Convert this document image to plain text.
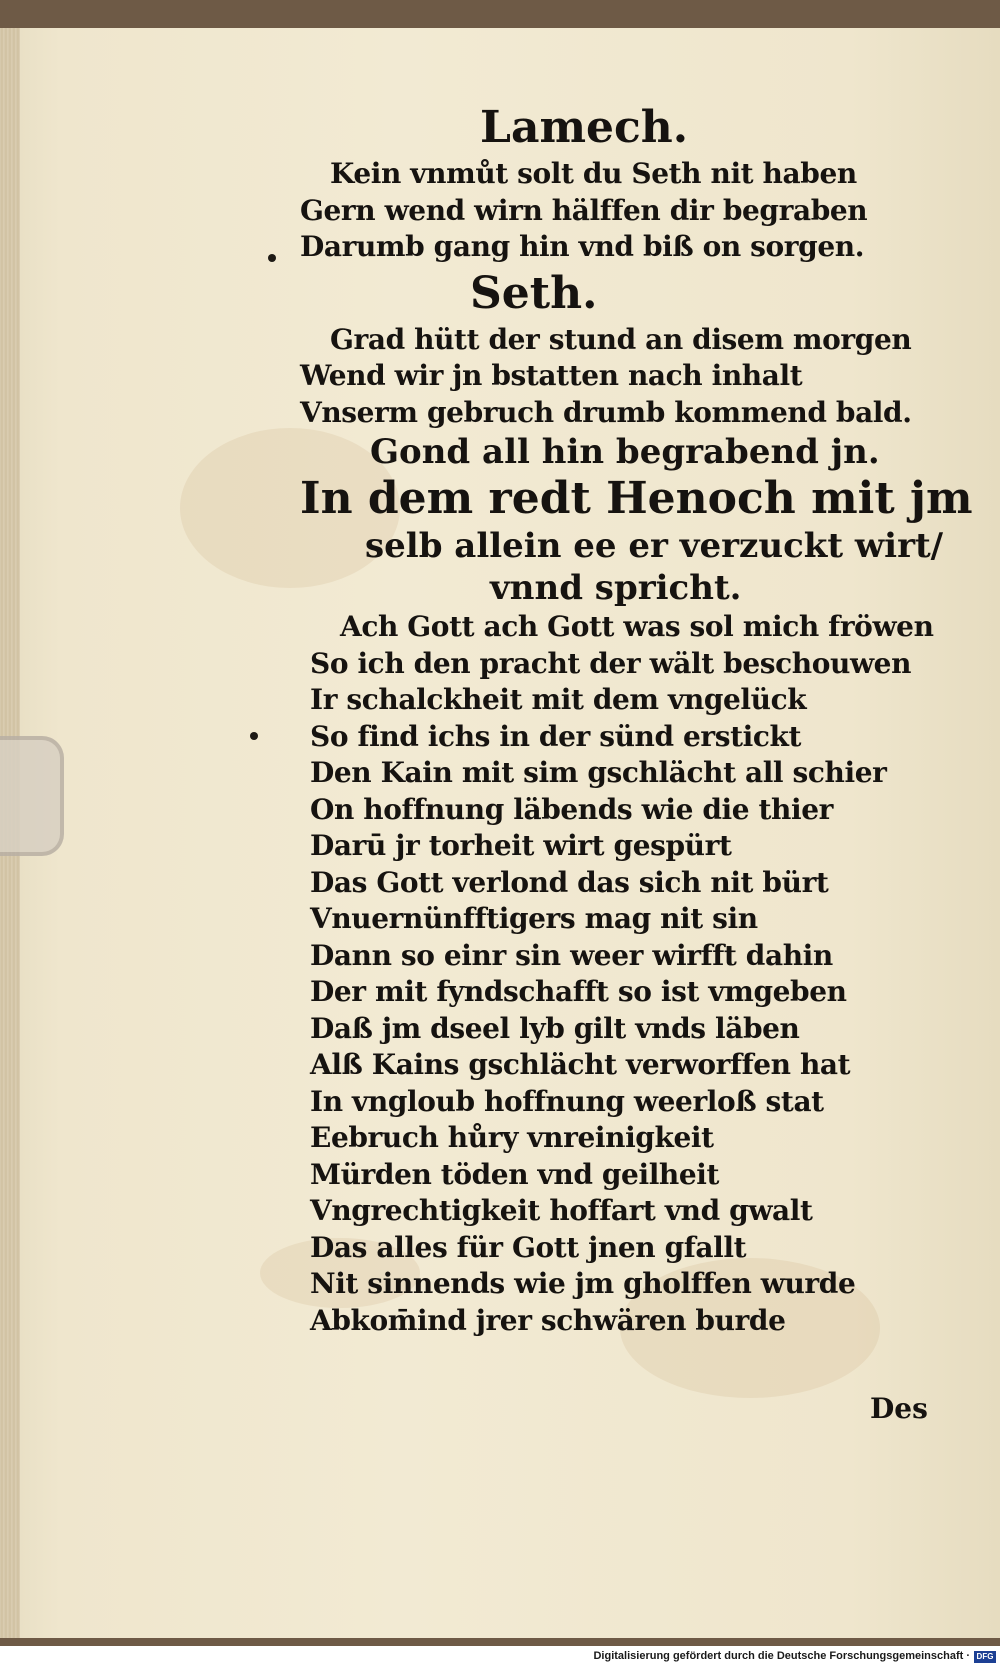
Lamech.
Kein vnmůt solt du Seth nit haben
Gern wend wirn hälffen dir begraben
Darumb gang hin vnd biß on sorgen.
Seth.
Grad hütt der stund an disem morgen
Wend wir jn bstatten nach inhalt
Vnserm gebruch drumb kommend bald.
Gond all hin begrabend jn.
In dem redt Henoch mit jm
selb allein ee er verzuckt wirt/
vnnd spricht.
Ach Gott ach Gott was sol mich fröwen
So ich den pracht der wält beschouwen
Ir schalckheit mit dem vngelück
So find ichs in der sünd erstickt
Den Kain mit sim gschlächt all schier
On hoffnung läbends wie die thier
Darū jr torheit wirt gespürt
Das Gott verlond das sich nit bürt
Vnuernünfftigers mag nit sin
Dann so einr sin weer wirfft dahin
Der mit fyndschafft so ist vmgeben
Daß jm dseel lyb gilt vnds läben
Alß Kains gschlächt verworffen hat
In vngloub hoffnung weerloß stat
Eebruch hůry vnreinigkeit
Mürden töden vnd geilheit
Vngrechtigkeit hoffart vnd gwalt
Das alles für Gott jnen gfallt
Nit sinnends wie jm gholffen wurde
Abkom̄ind jrer schwären burde
Des
Digitalisierung gefördert durch die Deutsche Forschungsgemeinschaft · DFG
